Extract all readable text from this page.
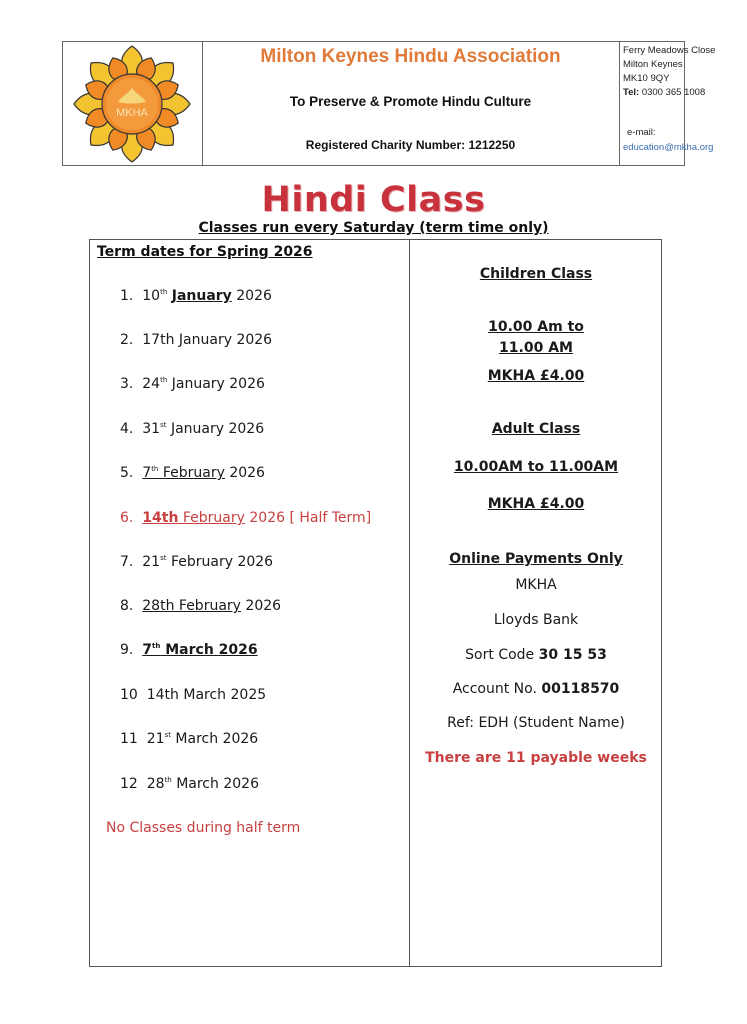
MKHA
Milton Keynes Hindu Association
To Preserve & Promote Hindu Culture
Registered Charity Number: 1212250
Ferry Meadows Close
Milton Keynes
MK10 9QY
Tel: 0300 365 1008
e-mail:
education@mkha.org
Hindi Class
Classes run every Saturday (term time only)
Term dates for Spring 2026
1. 10th January 2026
2. 17th January 2026
3. 24th January 2026
4. 31st January 2026
5. 7th February 2026
6. 14th February 2026 [ Half Term]
7. 21st February 2026
8. 28th February 2026
9. 7th March 2026
10 14th March 2025
11 21st March 2026
12 28th March 2026
No Classes during half term
Children Class
10.00 Am to
11.00 AM
MKHA £4.00
Adult Class
10.00AM to 11.00AM
MKHA £4.00
Online Payments Only
MKHA
Lloyds Bank
Sort Code 30 15 53
Account No. 00118570
Ref: EDH (Student Name)
There are 11 payable weeks
